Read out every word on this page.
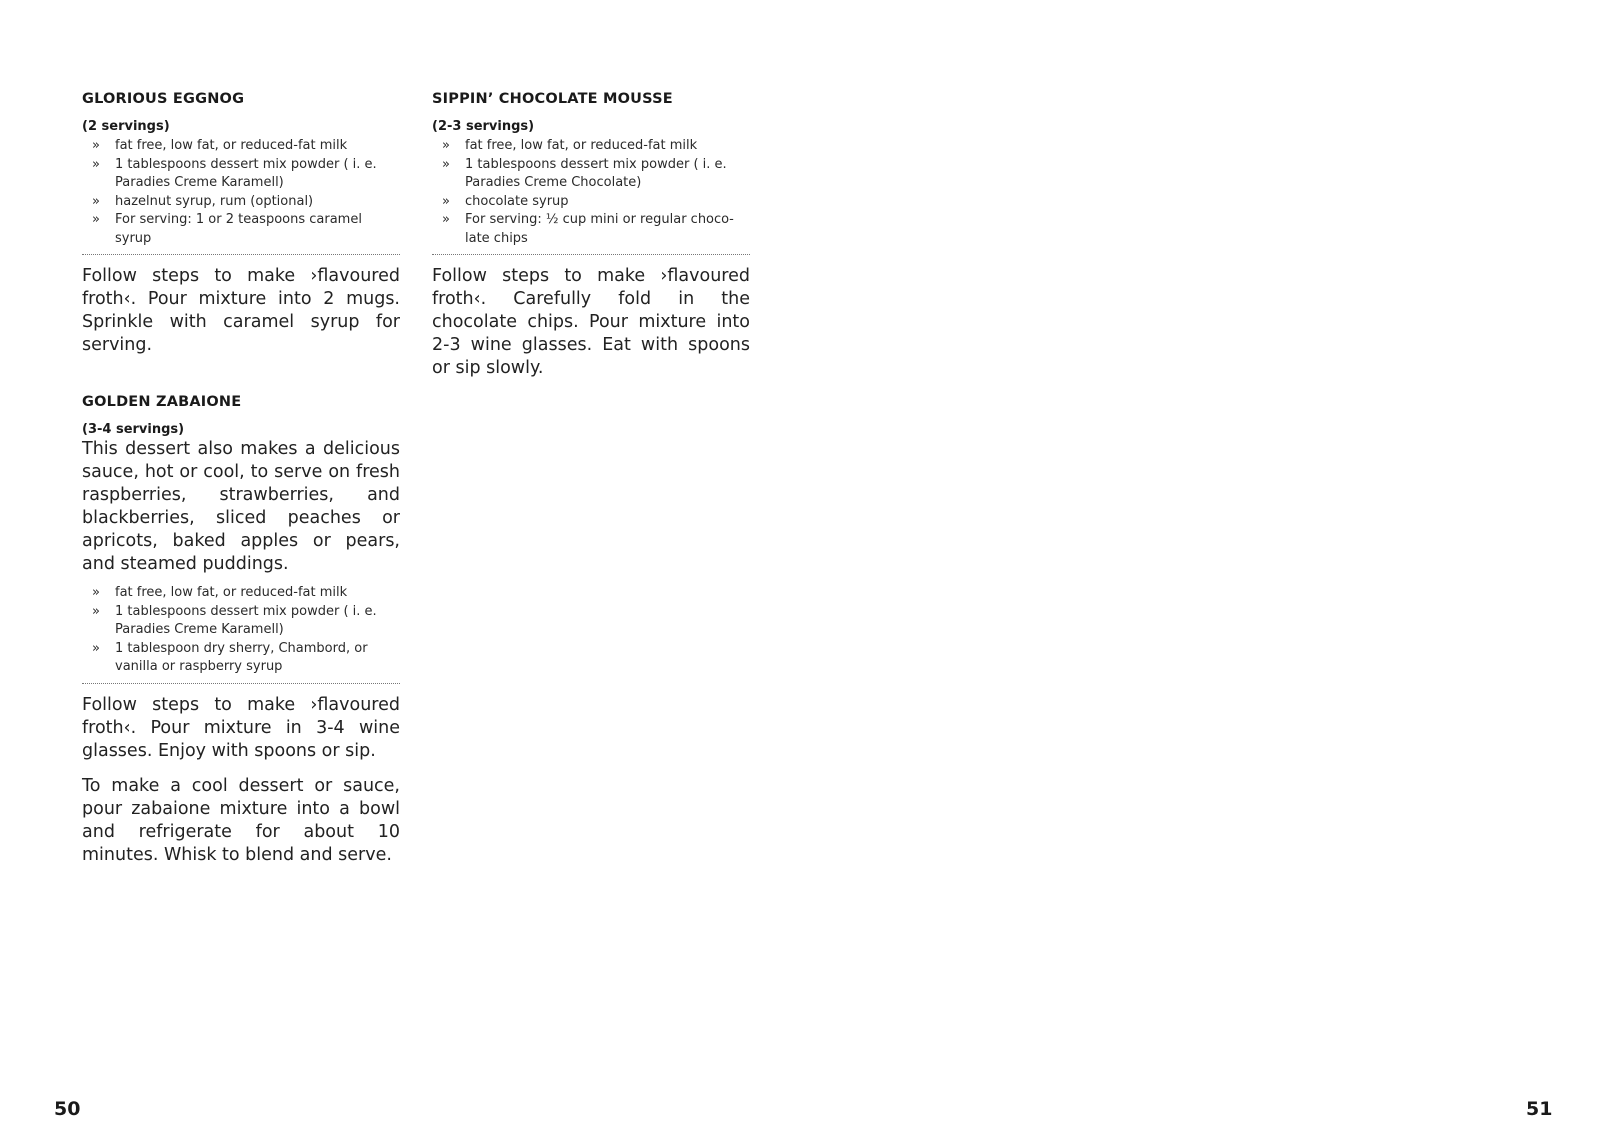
GLORIOUS EGGNOG

(2 servings)

» fat free, low fat, or reduced-fat milk
» 1 tablespoons dessert mix powder ( i. e. Paradies Creme Karamell)
» hazelnut syrup, rum (optional)
» For serving: 1 or 2 teaspoons caramel syrup

Follow steps to make ›flavoured froth‹. Pour mixture into 2 mugs. Sprinkle with caramel syrup for serving.

GOLDEN ZABAIONE

(3-4 servings)

This dessert also makes a delicious sauce, hot or cool, to serve on fresh raspberries, strawberries, and blackberries, sliced peaches or apricots, baked apples or pears, and steamed puddings.

» fat free, low fat, or reduced-fat milk
» 1 tablespoons dessert mix powder ( i. e. Paradies Creme Karamell)
» 1 tablespoon dry sherry, Chambord, or vanilla or raspberry syrup

Follow steps to make ›flavoured froth‹. Pour mixture in 3-4 wine glasses. Enjoy with spoons or sip.

To make a cool dessert or sauce, pour zabaione mixture into a bowl and refrigerate for about 10 minutes. Whisk to blend and serve.

SIPPIN’ CHOCOLATE MOUSSE

(2-3 servings)

» fat free, low fat, or reduced-fat milk
» 1 tablespoons dessert mix powder ( i. e. Paradies Creme Chocolate)
» chocolate syrup
» For serving: ½ cup mini or regular chocolate chips

Follow steps to make ›flavoured froth‹. Carefully fold in the chocolate chips. Pour mixture into 2-3 wine glasses. Eat with spoons or sip slowly.

50	51
